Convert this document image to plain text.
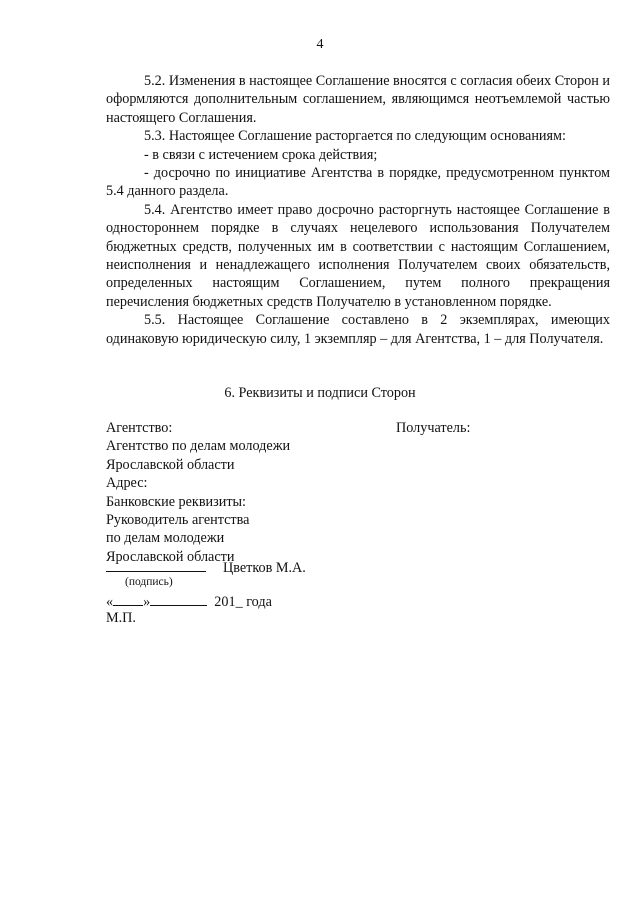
4

5.2. Изменения в настоящее Соглашение вносятся с согласия обеих Сторон и оформляются дополнительным соглашением, являющимся неотъемлемой частью настоящего Соглашения.

5.3. Настоящее Соглашение расторгается по следующим основаниям:

- в связи с истечением срока действия;

- досрочно по инициативе Агентства в порядке, предусмотренном пунктом 5.4 данного раздела.

5.4. Агентство имеет право досрочно расторгнуть настоящее Соглашение в одностороннем порядке в случаях нецелевого использования Получателем бюджетных средств, полученных им в соответствии с настоящим Соглашением, неисполнения и ненадлежащего исполнения Получателем своих обязательств, определенных настоящим Соглашением, путем полного прекращения перечисления бюджетных средств Получателю в установленном порядке.

5.5. Настоящее Соглашение составлено в 2 экземплярах, имеющих одинаковую юридическую силу, 1 экземпляр – для Агентства, 1 – для Получателя.

6. Реквизиты и подписи Сторон
Агентство:
Агентство по делам молодежи
Ярославской области
Адрес:
Банковские реквизиты:
Руководитель агентства
по делам молодежи
Ярославской области
Получатель:
Цветков М.А.
(подпись)
« »	201_ года
М.П.
